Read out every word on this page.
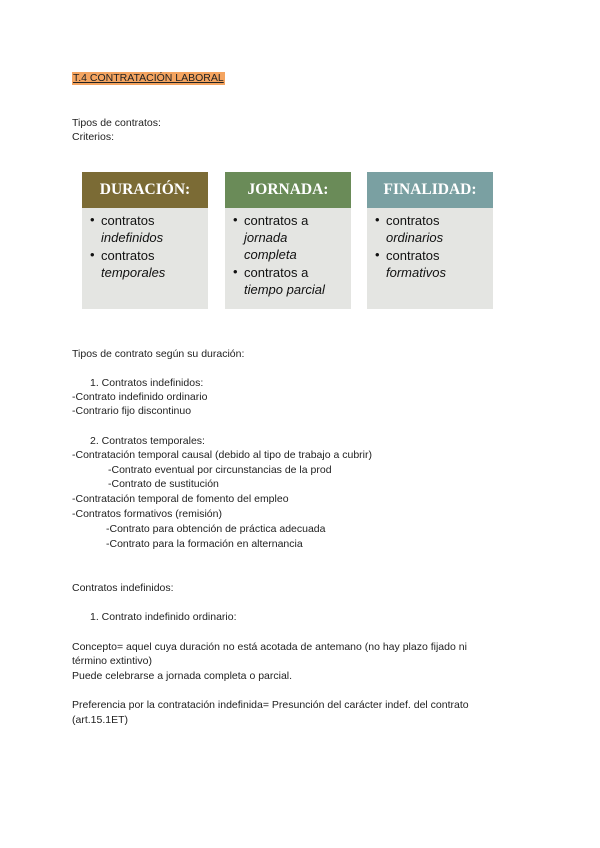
T.4 CONTRATACIÓN LABORAL
Tipos de contratos:
Criterios:
DURACIÓN:
• contratos
indefinidos
• contratos
temporales
JORNADA:
• contratos a
jornada
completa
• contratos a
tiempo parcial
FINALIDAD:
• contratos
ordinarios
• contratos
formativos
Tipos de contrato según su duración:
1. Contratos indefinidos:
-Contrato indefinido ordinario
-Contrario fijo discontinuo
2. Contratos temporales:
-Contratación temporal causal (debido al tipo de trabajo a cubrir)
-Contrato eventual por circunstancias de la prod
-Contrato de sustitución
-Contratación temporal de fomento del empleo
-Contratos formativos (remisión)
-Contrato para obtención de práctica adecuada
-Contrato para la formación en alternancia
Contratos indefinidos:
1. Contrato indefinido ordinario:
Concepto= aquel cuya duración no está acotada de antemano (no hay plazo fijado ni
término extintivo)
Puede celebrarse a jornada completa o parcial.
Preferencia por la contratación indefinida= Presunción del carácter indef. del contrato
(art.15.1ET)
